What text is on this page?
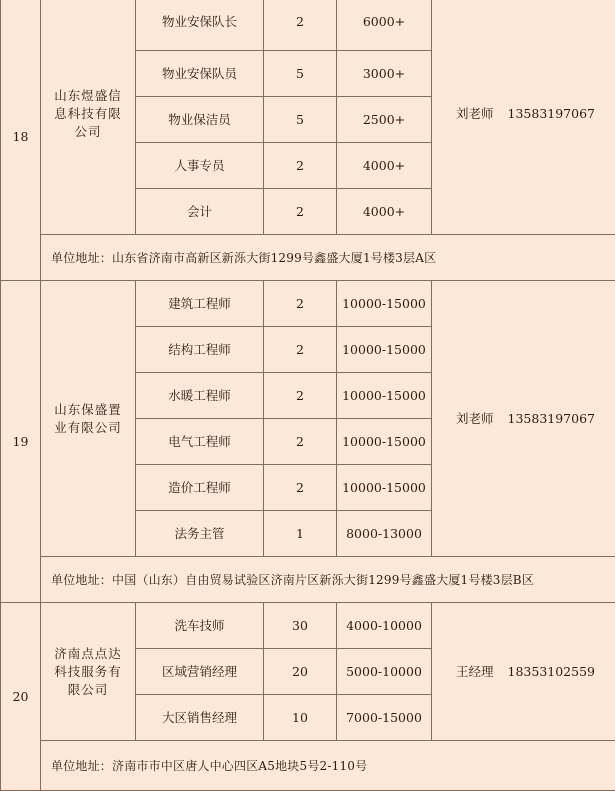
18
山东煜盛信息科技有限公司
物业安保队长	2	6000+
物业安保队员	5	3000+
物业保洁员	5	2500+
人事专员	2	4000+
会计	2	4000+
刘老师 13583197067
单位地址：山东省济南市高新区新泺大街1299号鑫盛大厦1号楼3层A区
19
山东保盛置业有限公司
建筑工程师	2	10000-15000
结构工程师	2	10000-15000
水暖工程师	2	10000-15000
电气工程师	2	10000-15000
造价工程师	2	10000-15000
法务主管	1	8000-13000
刘老师 13583197067
单位地址：中国（山东）自由贸易试验区济南片区新泺大街1299号鑫盛大厦1号楼3层B区
20
济南点点达科技服务有限公司
洗车技师	30	4000-10000
区域营销经理	20	5000-10000
大区销售经理	10	7000-15000
王经理 18353102559
单位地址：济南市市中区唐人中心四区A5地块5号2-110号
